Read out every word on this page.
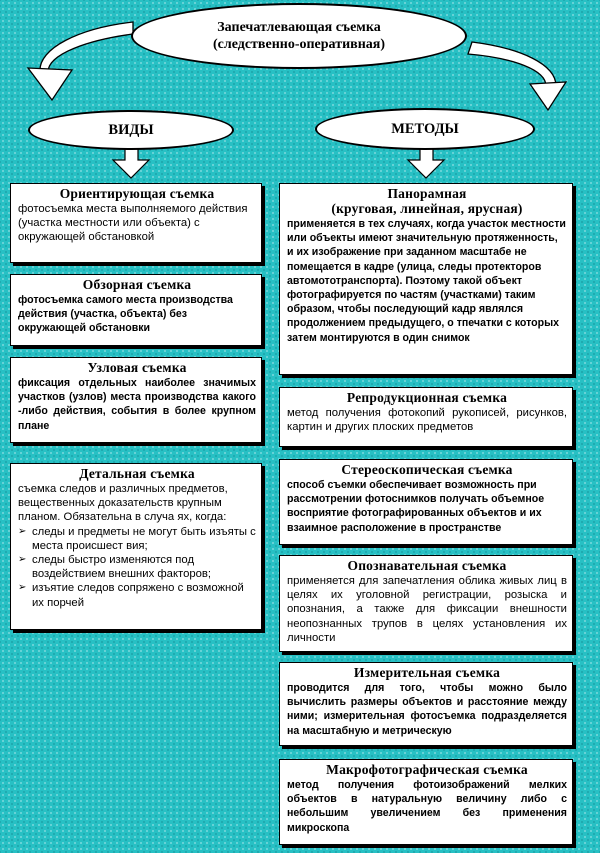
Запечатлевающая съемка
(следственно-оперативная)
ВИДЫ	МЕТОДЫ
Ориентирующая съемка

фотосъемка места выполняемого действия (участка местности или объекта) с окружающей обстановкой

Обзорная съемка

фотосъемка самого места производства действия (участка, объекта) без окружающей обстановки

Узловая съемка

фиксация отдельных наиболее значимых участков (узлов) места производства какого -либо действия, события в более крупном плане

Детальная съемка

съемка следов и различных предметов, вещественных доказательств крупным планом. Обязательна в случа ях, когда:

➢ следы и предметы не могут быть изъяты с места происшест вия;
➢ следы быстро изменяются под воздействием внешних факторов;
➢ изъятие следов сопряжено с возможной их порчей
Панорамная
(круговая, линейная, ярусная)

применяется в тех случаях, когда участок местности или объекты имеют значительную протяженность, и их изображение при заданном масштабе не помещается в кадре (улица, следы протекторов автомототранспорта). Поэтому такой объект фотографируется по частям (участками) таким образом, чтобы последующий кадр являлся продолжением предыдущего, о тпечатки с которых затем монтируются в один снимок

Репродукционная съемка

метод получения фотокопий рукописей, рисунков, картин и других плоских предметов

Стереоскопическая съемка

способ съемки обеспечивает возможность при рассмотрении фотоснимков получать объемное восприятие фотографированных объектов и их взаимное расположение в пространстве

Опознавательная съемка

применяется для запечатления облика живых лиц в целях их уголовной регистрации, розыска и опознания, а также для фиксации внешности неопознанных трупов в целях установления их личности

Измерительная съемка

проводится для того, чтобы можно было вычислить размеры объектов и расстояние между ними; измерительная фотосъемка подразделяется на масштабную и метрическую

Макрофотографическая съемка

метод получения фотоизображений мелких объектов в натуральную величину либо с небольшим увеличением без применения микроскопа
